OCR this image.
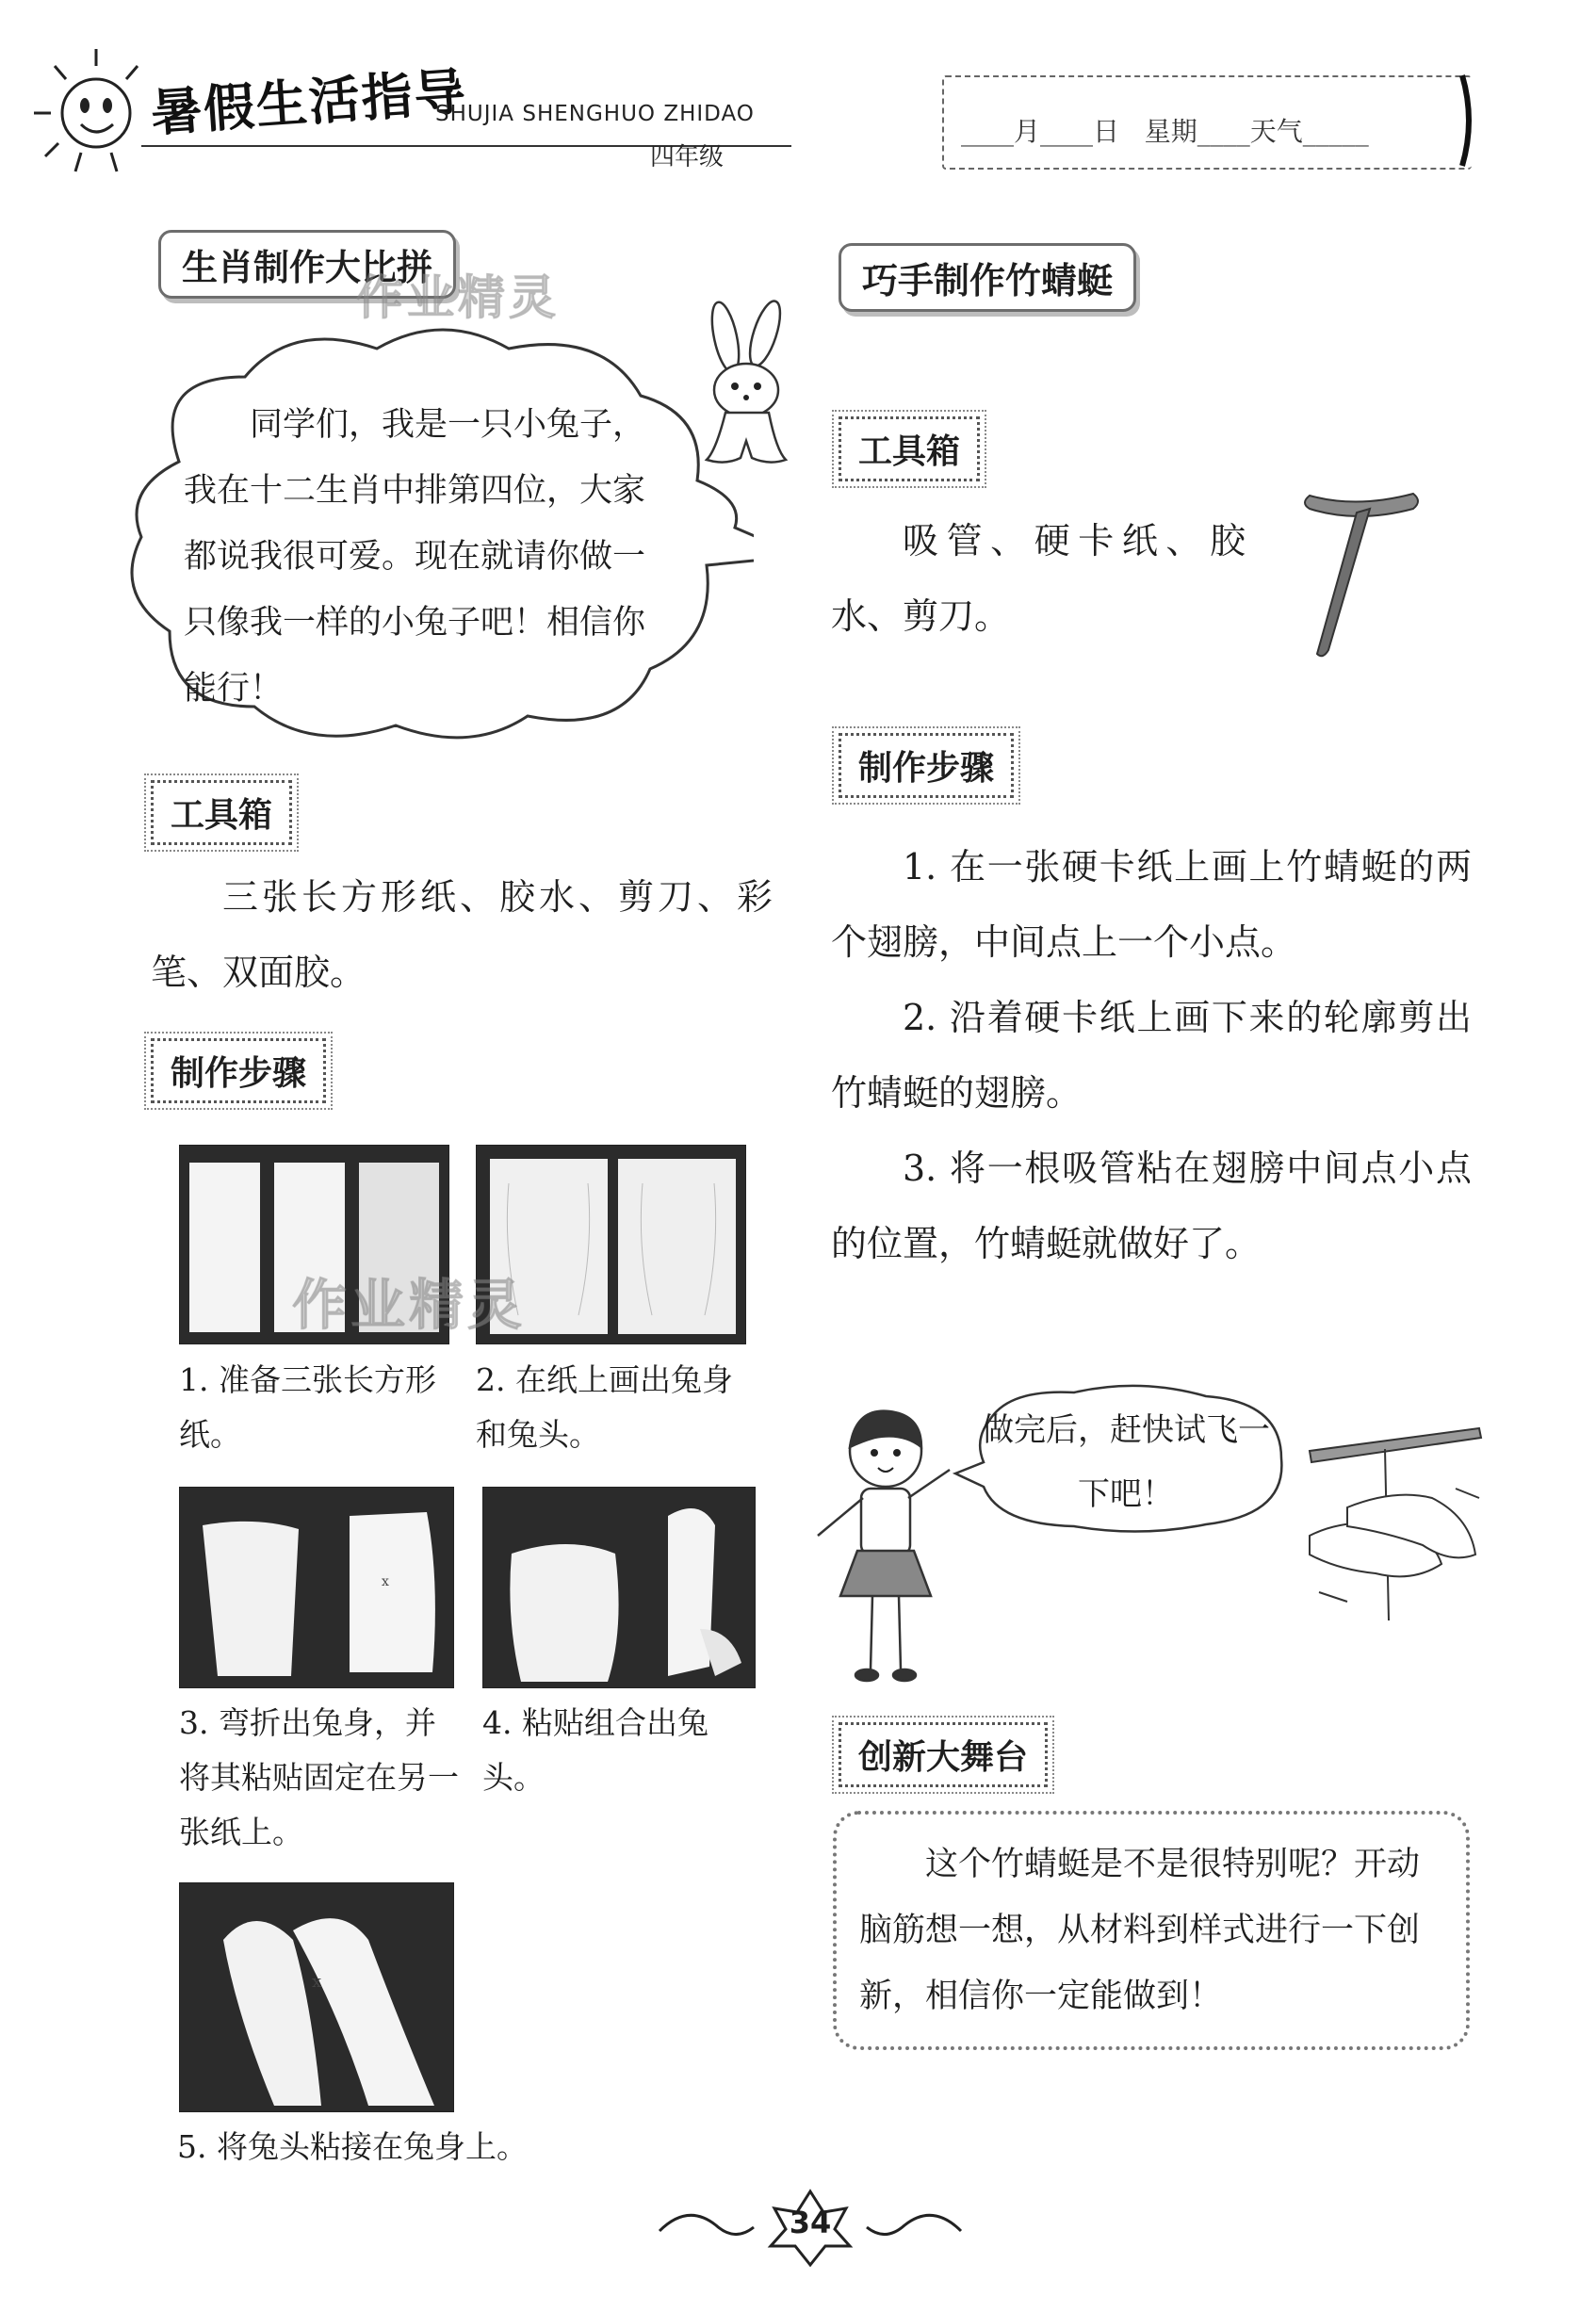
暑假生活指导
SHUJIA SHENGHUO ZHIDAO
四年级
____月____日   星期____天气_____
生肖制作大比拼
作业精灵
同学们，我是一只小兔子，我在十二生肖中排第四位，大家都说我很可爱。现在就请你做一只像我一样的小兔子吧！相信你能行！
工具箱
三张长方形纸、胶水、剪刀、彩笔、双面胶。
制作步骤
x
x
作业精灵
1. 准备三张长方形纸。
2. 在纸上画出兔身和兔头。
3. 弯折出兔身，并将其粘贴固定在另一张纸上。
4. 粘贴组合出兔头。
5. 将兔头粘接在兔身上。
巧手制作竹蜻蜓
工具箱
吸管、硬卡纸、胶水、剪刀。
制作步骤
1. 在一张硬卡纸上画上竹蜻蜓的两个翅膀，中间点上一个小点。
2. 沿着硬卡纸上画下来的轮廓剪出竹蜻蜓的翅膀。
3. 将一根吸管粘在翅膀中间点小点的位置，竹蜻蜓就做好了。
做完后，赶快试飞一下吧！
创新大舞台
这个竹蜻蜓是不是很特别呢？开动脑筋想一想，从材料到样式进行一下创新，相信你一定能做到！
34
